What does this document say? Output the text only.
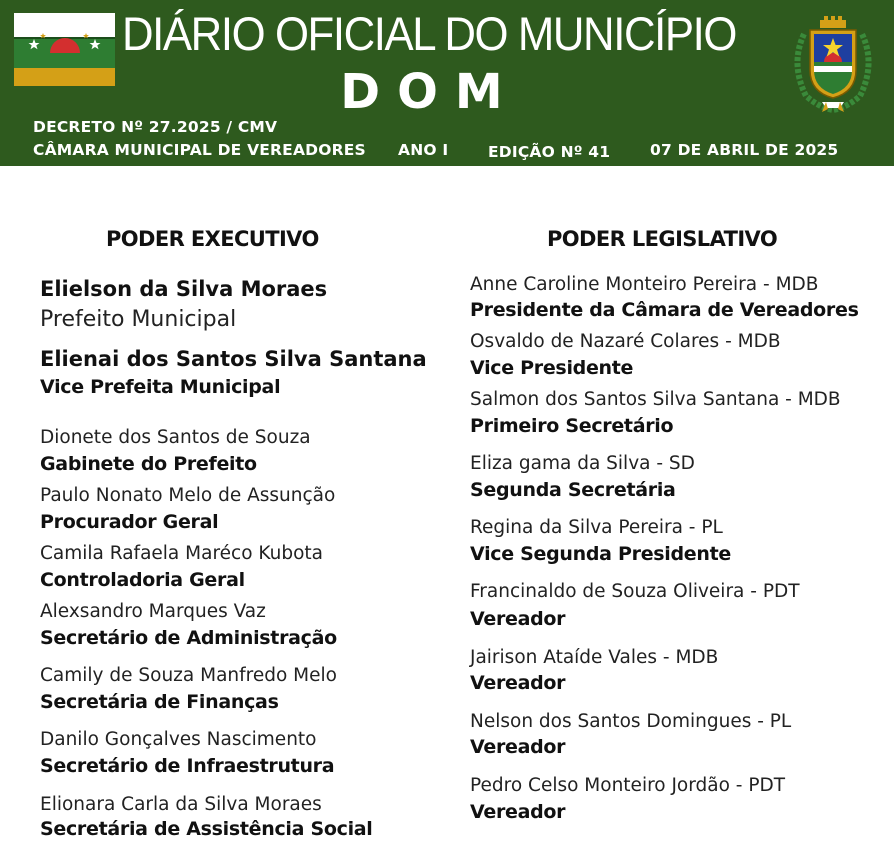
DIÁRIO OFICIAL DO MUNICÍPIO
DOM
DECRETO Nº 27.2025 / CMV
CÂMARA MUNICIPAL DE VEREADORES ANO I	EDIÇÃO Nº 41	07 DE ABRIL DE 2025
PODER EXECUTIVO	PODER LEGISLATIVO
Elielson da Silva Moraes
Prefeito Municipal
Elienai dos Santos Silva Santana
Vice Prefeita Municipal
Dionete dos Santos de Souza
Gabinete do Prefeito
Paulo Nonato Melo de Assunção
Procurador Geral
Camila Rafaela Maréco Kubota
Controladoria Geral
Alexsandro Marques Vaz
Secretário de Administração
Camily de Souza Manfredo Melo
Secretária de Finanças
Danilo Gonçalves Nascimento
Secretário de Infraestrutura
Elionara Carla da Silva Moraes
Secretária de Assistência Social
Anne Caroline Monteiro Pereira - MDB
Presidente da Câmara de Vereadores
Osvaldo de Nazaré Colares - MDB
Vice Presidente
Salmon dos Santos Silva Santana - MDB
Primeiro Secretário
Eliza gama da Silva - SD
Segunda Secretária
Regina da Silva Pereira - PL
Vice Segunda Presidente
Francinaldo de Souza Oliveira - PDT
Vereador
Jairison Ataíde Vales - MDB
Vereador
Nelson dos Santos Domingues - PL
Vereador
Pedro Celso Monteiro Jordão - PDT
Vereador
